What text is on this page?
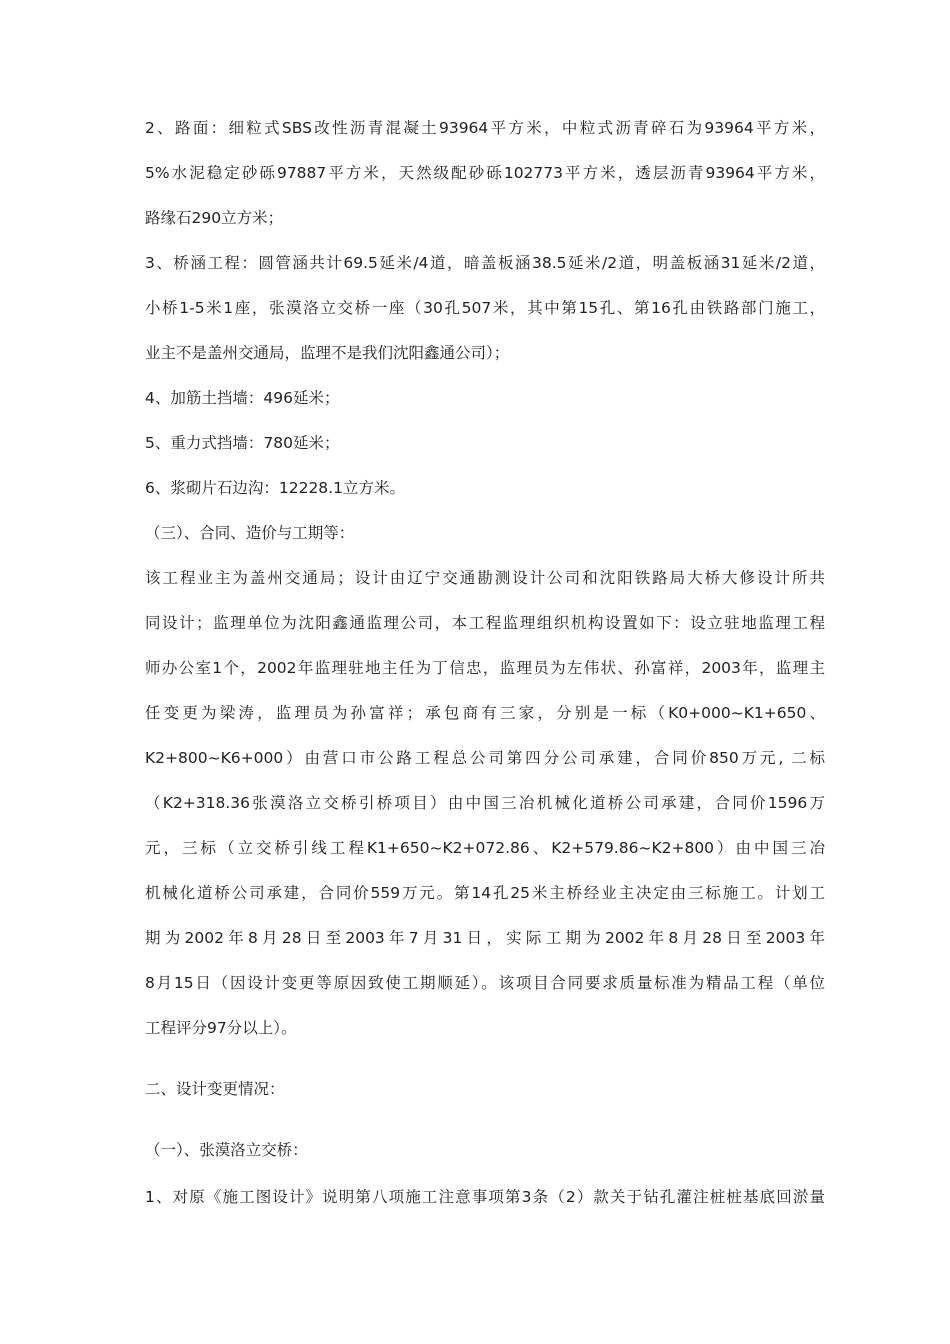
2、路面：细粒式SBS改性沥青混凝土93964平方米，中粒式沥青碎石为93964平方米，
5%水泥稳定砂砾97887平方米，天然级配砂砾102773平方米，透层沥青93964平方米，
路缘石290立方米；
3、桥涵工程：圆管涵共计69.5延米/4道，暗盖板涵38.5延米/2道，明盖板涵31延米/2道，
小桥1-5米1座，张漠洛立交桥一座（30孔507米，其中第15孔、第16孔由铁路部门施工，
业主不是盖州交通局，监理不是我们沈阳鑫通公司）；
4、加筋土挡墙：496延米；
5、重力式挡墙：780延米；
6、浆砌片石边沟：12228.1立方米。
（三）、合同、造价与工期等：
该工程业主为盖州交通局；设计由辽宁交通勘测设计公司和沈阳铁路局大桥大修设计所共
同设计；监理单位为沈阳鑫通监理公司，本工程监理组织机构设置如下：设立驻地监理工程
师办公室1个，2002年监理驻地主任为丁信忠，监理员为左伟状、孙富祥，2003年，监理主
任变更为梁涛，监理员为孙富祥；承包商有三家，分别是一标（K0+000~K1+650、
K2+800~K6+000）由营口市公路工程总公司第四分公司承建，合同价850万元, 二标
（K2+318.36张漠洛立交桥引桥项目）由中国三冶机械化道桥公司承建，合同价1596万
元，三标（立交桥引线工程K1+650~K2+072.86、K2+579.86~K2+800）由中国三冶
机械化道桥公司承建，合同价559万元。第14孔25米主桥经业主决定由三标施工。计划工
期为2002年8月28日至2003年7月31日，实际工期为2002年8月28日至2003年
8月15日（因设计变更等原因致使工期顺延）。该项目合同要求质量标准为精品工程（单位
工程评分97分以上）。
二、设计变更情况：
（一）、张漠洛立交桥：
1、对原《施工图设计》说明第八项施工注意事项第3条（2）款关于钻孔灌注桩桩基底回淤量
